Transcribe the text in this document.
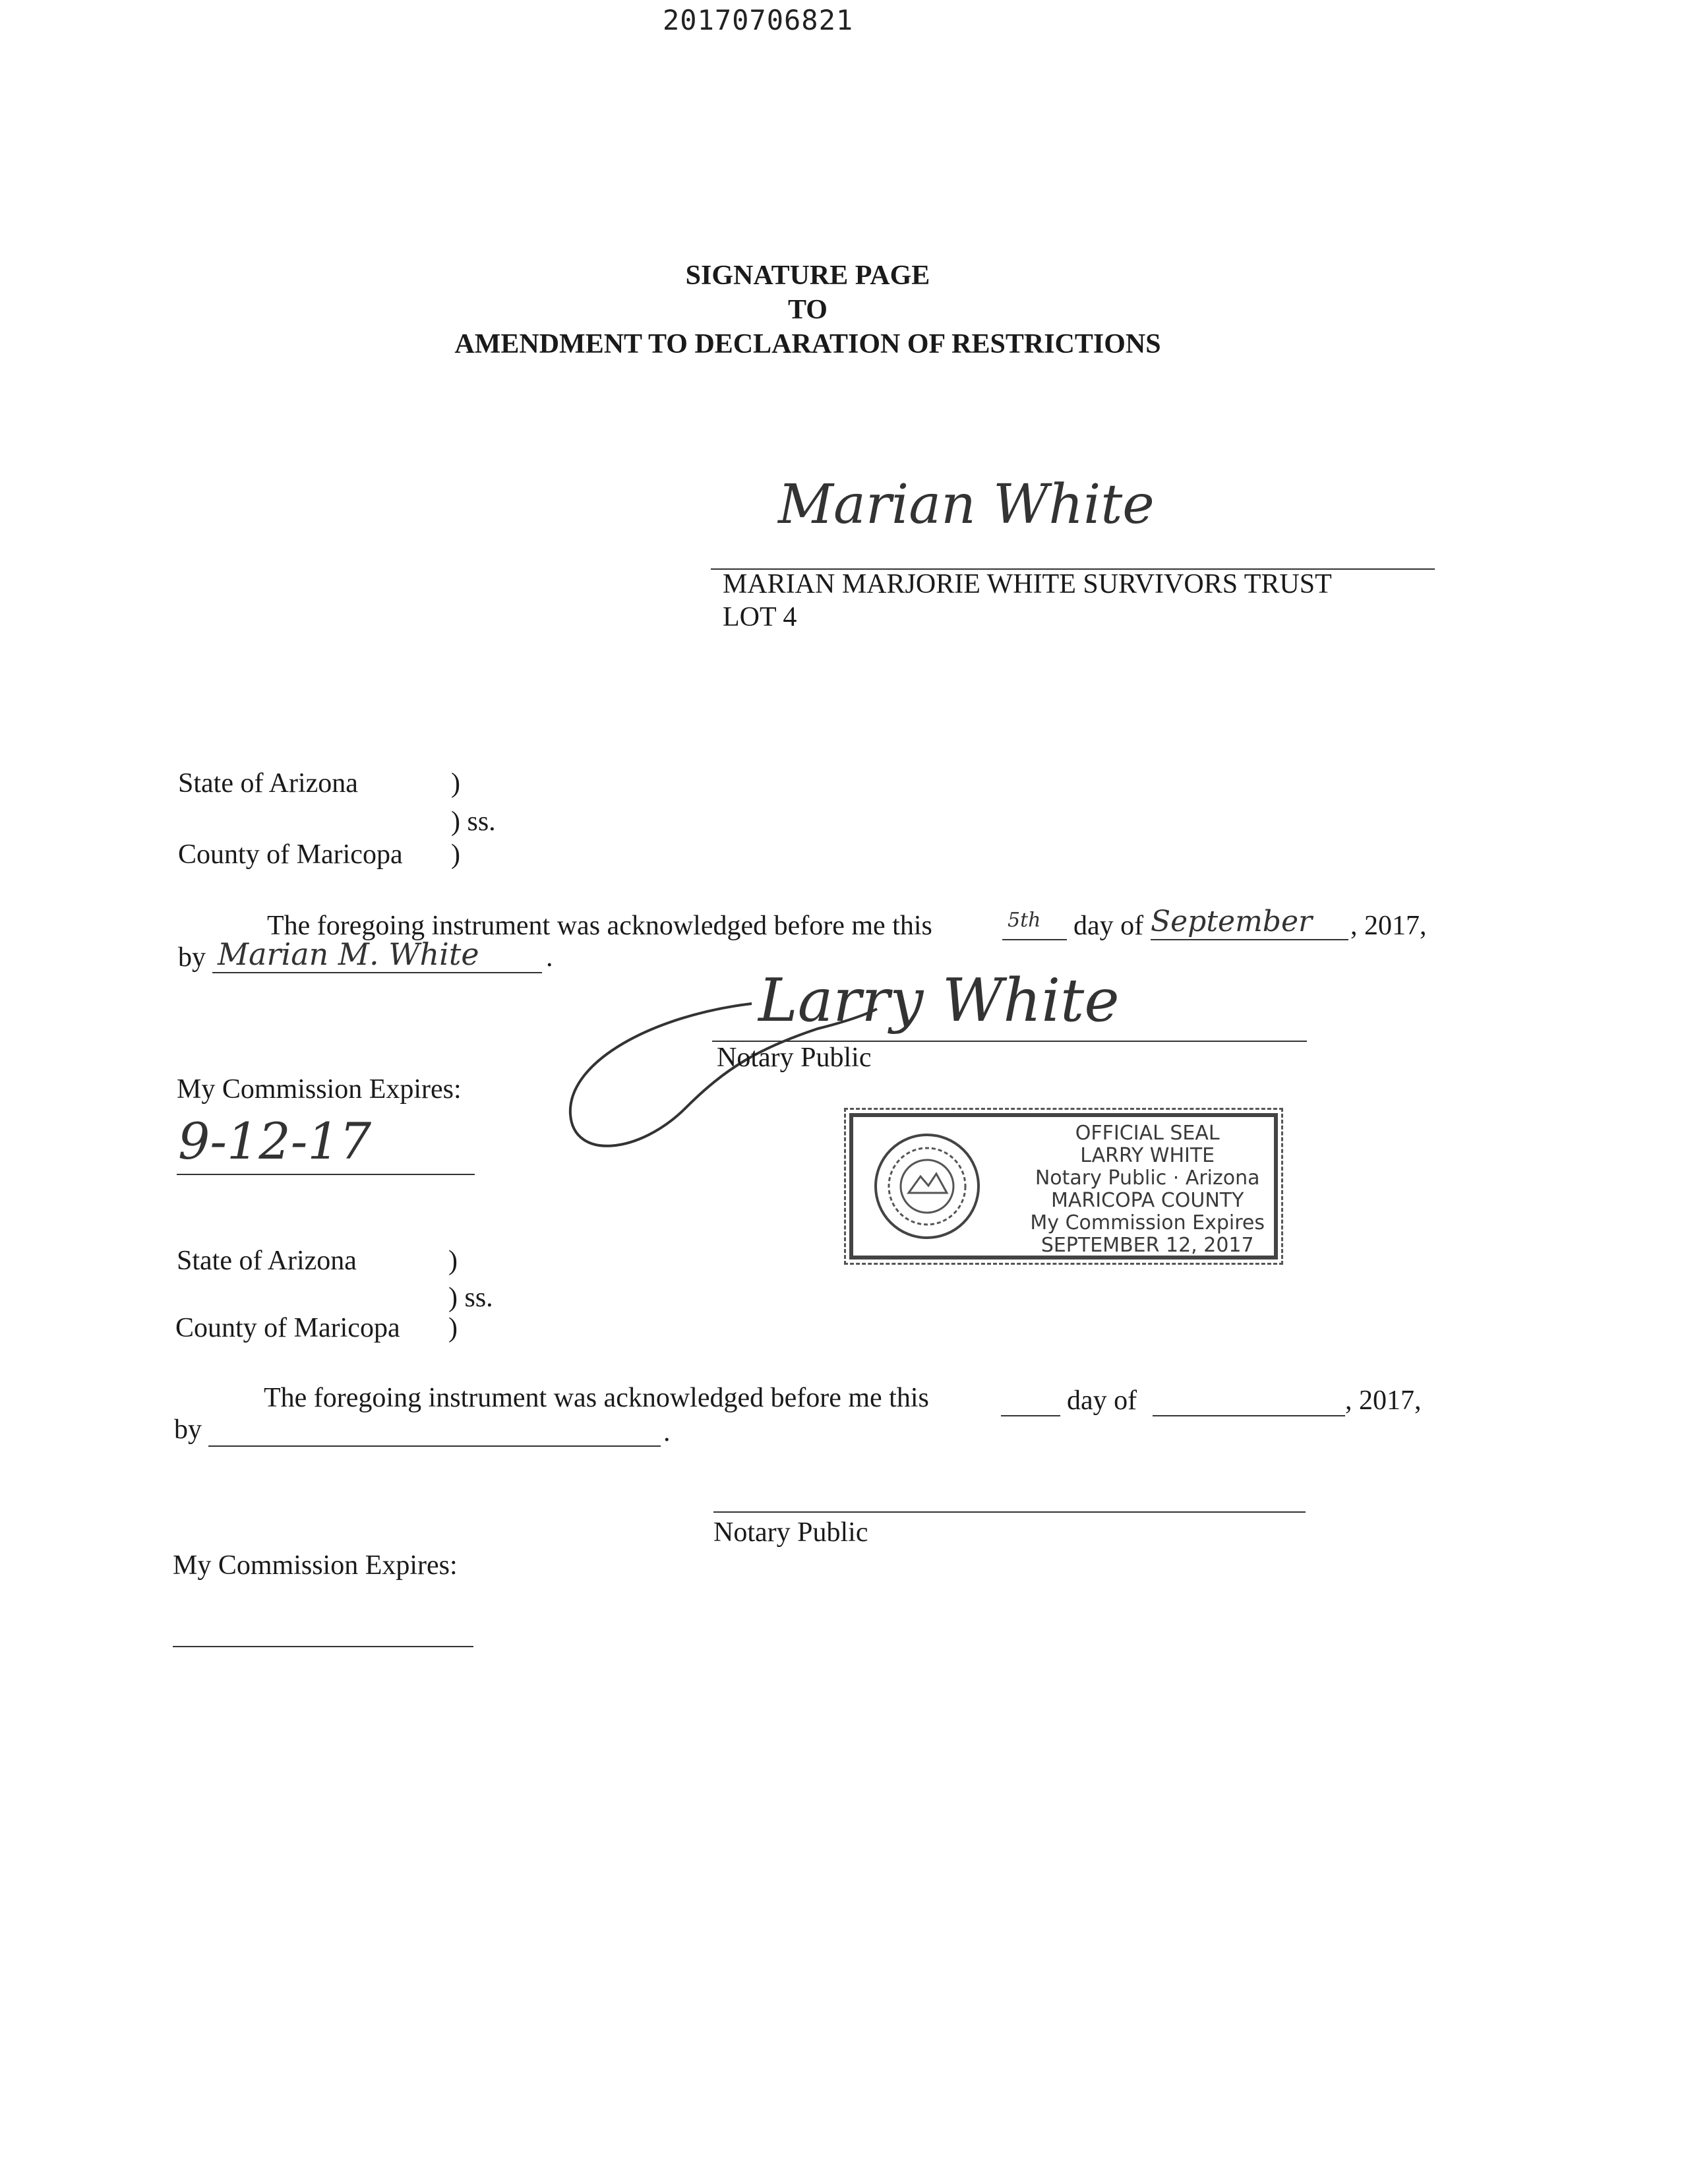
20170706821
SIGNATURE PAGE
TO
AMENDMENT TO DECLARATION OF RESTRICTIONS
Marian White
MARIAN MARJORIE WHITE SURVIVORS TRUST
LOT 4
State of Arizona	)
) ss.
County of Maricopa )
The foregoing instrument was acknowledged before me this	5th day of September , 2017,
by Marian M. White .
Larry White
Notary Public
My Commission Expires:
9-12-17	OFFICIAL SEAL
LARRY WHITE
Notary Public · Arizona
MARICOPA COUNTY
My Commission Expires
SEPTEMBER 12, 2017
State of Arizona	)
) ss.
County of Maricopa )
The foregoing instrument was acknowledged before me this	day of	, 2017,
by	.
Notary Public
My Commission Expires:
